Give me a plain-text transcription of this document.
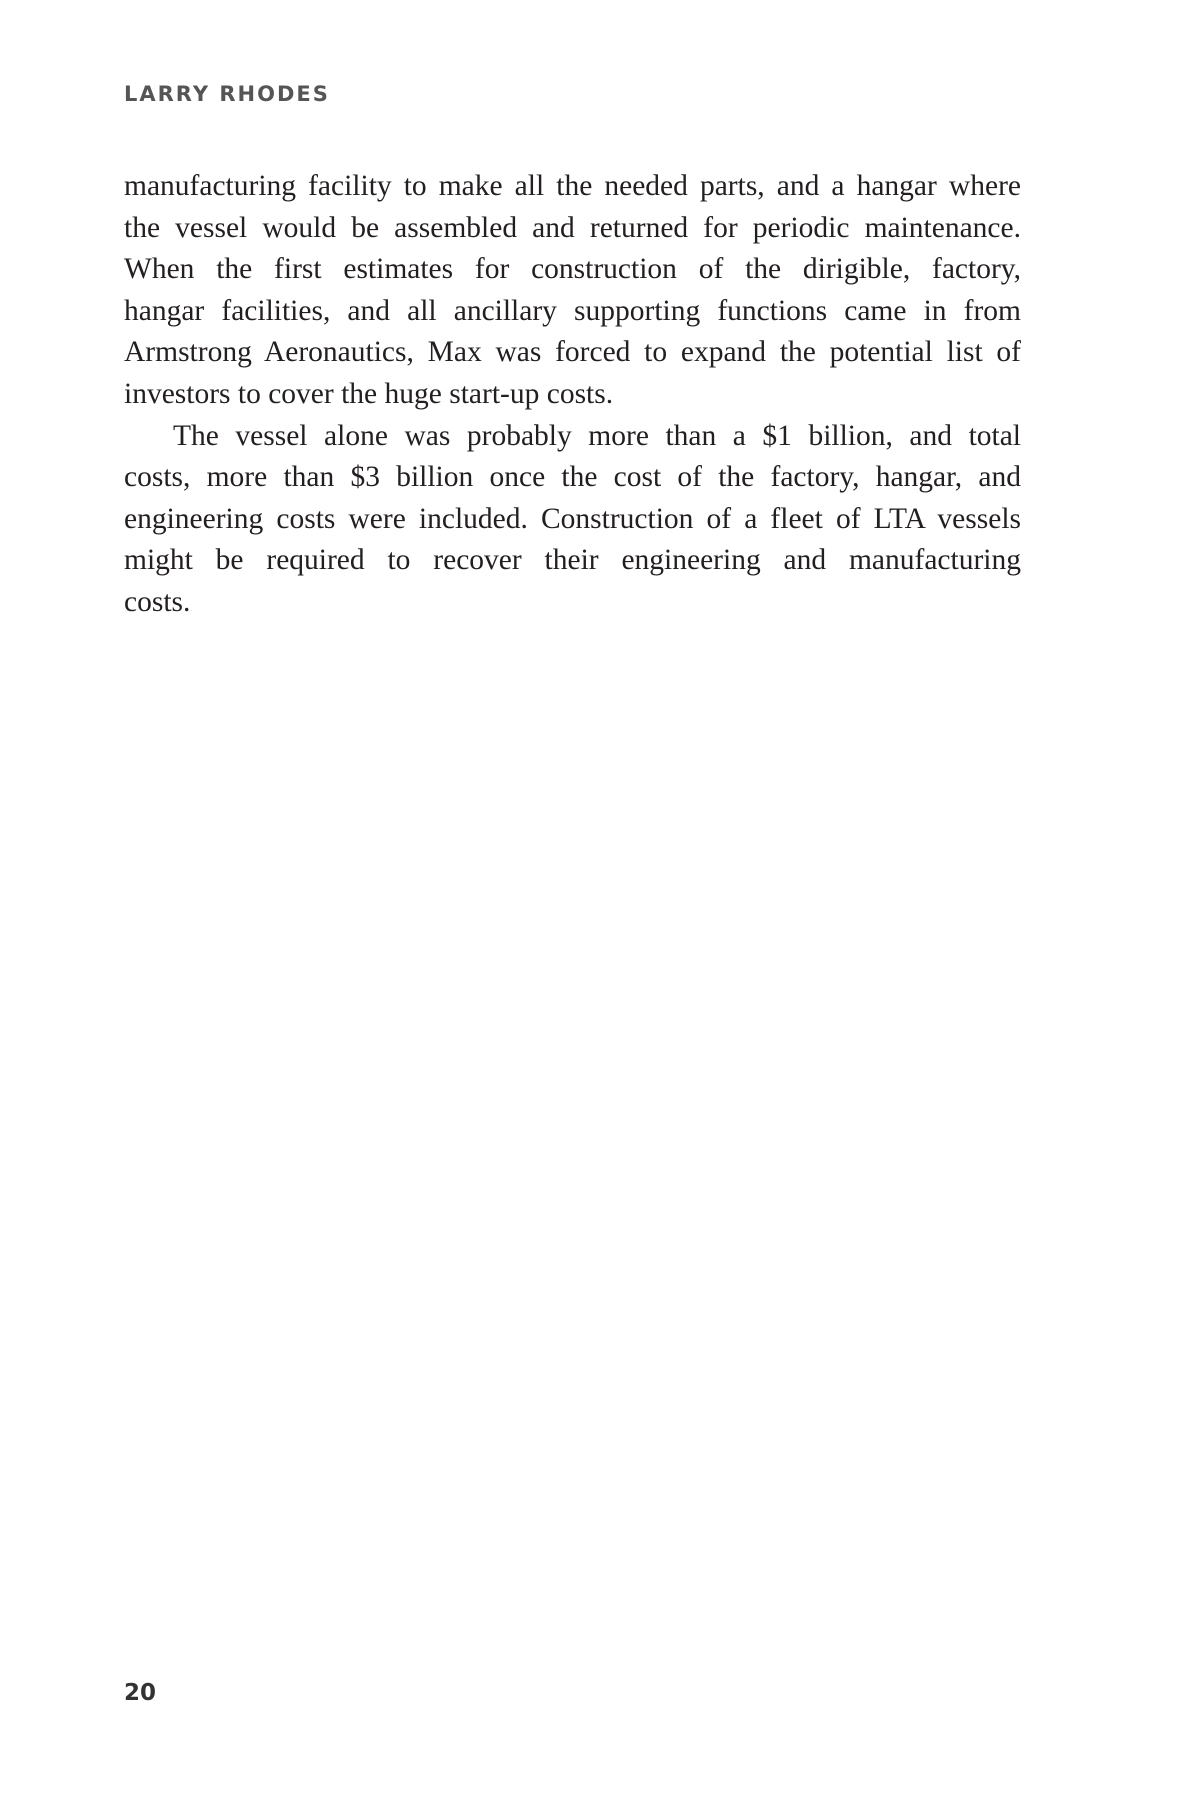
LARRY RHODES
manufacturing facility to make all the needed parts, and a hangar where
the vessel would be assembled and returned for periodic maintenance.
When the first estimates for construction of the dirigible, factory,
hangar facilities, and all ancillary supporting functions came in from
Armstrong Aeronautics, Max was forced to expand the potential list of
investors to cover the huge start-up costs.
The vessel alone was probably more than a $1 billion, and total
costs, more than $3 billion once the cost of the factory, hangar, and
engineering costs were included. Construction of a fleet of LTA vessels
might be required to recover their engineering and manufacturing
costs.
20
